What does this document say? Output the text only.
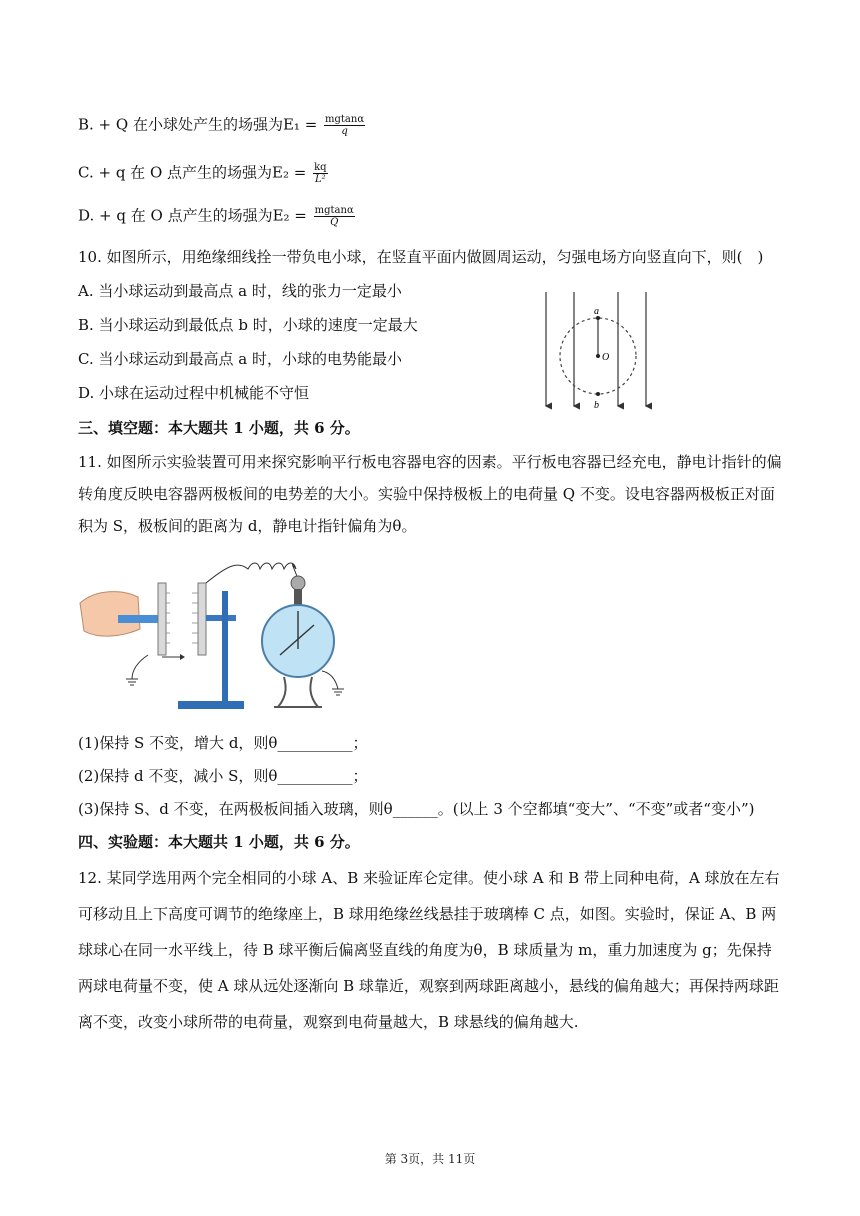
B. + Q 在小球处产生的场强为$E_1 = \frac{mgtan\alpha}{q}$
C. + q 在 O 点产生的场强为$E_2 = \frac{kq}{\text{L²}}$
D. + q 在 O 点产生的场强为$E_2 = \frac{mgtan\alpha}{Q}$
10. 如图所示，用绝缘细线拴一带负电小球，在竖直平面内做圆周运动，匀强电场方向竖直向下，则(　)
A. 当小球运动到最高点 a 时，线的张力一定最小
B. 当小球运动到最低点 b 时，小球的速度一定最大
C. 当小球运动到最高点 a 时，小球的电势能最小
D. 小球在运动过程中机械能不守恒
a
O
b
三、填空题：本大题共 1 小题，共 6 分。
11. 如图所示实验装置可用来探究影响平行板电容器电容的因素。平行板电容器已经充电，静电计指针的偏转角度反映电容器两极板间的电势差的大小。实验中保持极板上的电荷量 Q 不变。设电容器两极板正对面积为 S，极板间的距离为 d，静电计指针偏角为θ。
(1)保持 S 不变，增大 d，则θ__________；
(2)保持 d 不变，减小 S，则θ__________；
(3)保持 S、d 不变，在两极板间插入玻璃，则θ______。(以上 3 个空都填“变大”、“不变”或者“变小”)
四、实验题：本大题共 1 小题，共 6 分。
12. 某同学选用两个完全相同的小球 A、B 来验证库仑定律。使小球 A 和 B 带上同种电荷，A 球放在左右可移动且上下高度可调节的绝缘座上，B 球用绝缘丝线悬挂于玻璃棒 C 点，如图。实验时，保证 A、B 两球球心在同一水平线上，待 B 球平衡后偏离竖直线的角度为θ，B 球质量为 m，重力加速度为 g；先保持两球电荷量不变，使 A 球从远处逐渐向 B 球靠近，观察到两球距离越小，悬线的偏角越大；再保持两球距离不变，改变小球所带的电荷量，观察到电荷量越大，B 球悬线的偏角越大.
第 3页，共 11页
